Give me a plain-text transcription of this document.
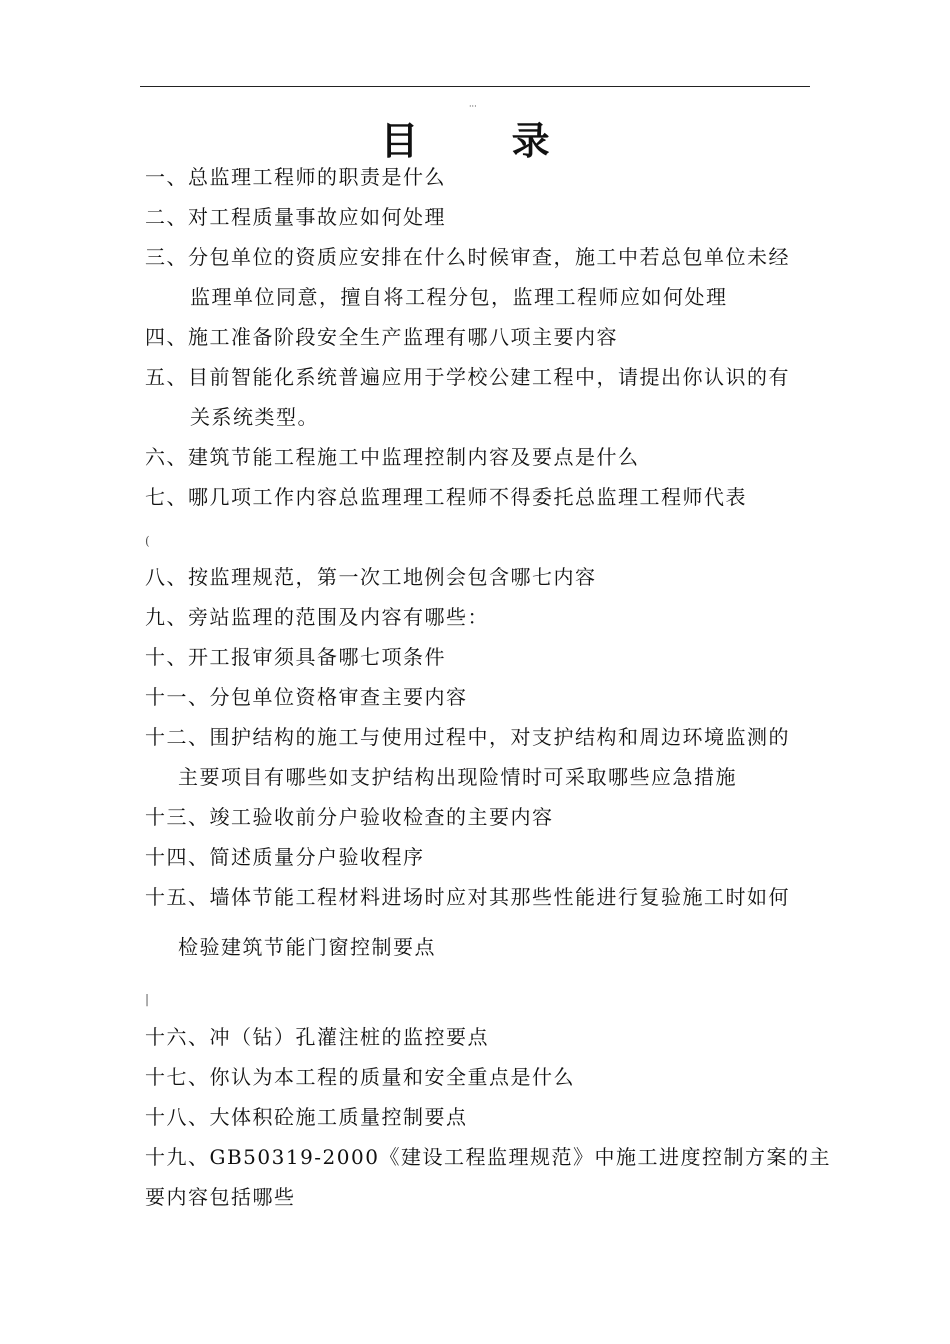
···
目 录
一、总监理工程师的职责是什么
二、对工程质量事故应如何处理
三、分包单位的资质应安排在什么时候审查，施工中若总包单位未经
监理单位同意，擅自将工程分包，监理工程师应如何处理
四、施工准备阶段安全生产监理有哪八项主要内容
五、目前智能化系统普遍应用于学校公建工程中，请提出你认识的有
关系统类型。
六、建筑节能工程施工中监理控制内容及要点是什么
七、哪几项工作内容总监理理工程师不得委托总监理工程师代表
(
八、按监理规范，第一次工地例会包含哪七内容
九、旁站监理的范围及内容有哪些：
十、开工报审须具备哪七项条件
十一、分包单位资格审查主要内容
十二、围护结构的施工与使用过程中，对支护结构和周边环境监测的
主要项目有哪些如支护结构出现险情时可采取哪些应急措施
十三、竣工验收前分户验收检查的主要内容
十四、简述质量分户验收程序
十五、墙体节能工程材料进场时应对其那些性能进行复验施工时如何
检验建筑节能门窗控制要点
|
十六、冲（钻）孔灌注桩的监控要点
十七、你认为本工程的质量和安全重点是什么
十八、大体积砼施工质量控制要点
十九、GB50319-2000《建设工程监理规范》中施工进度控制方案的主
要内容包括哪些
